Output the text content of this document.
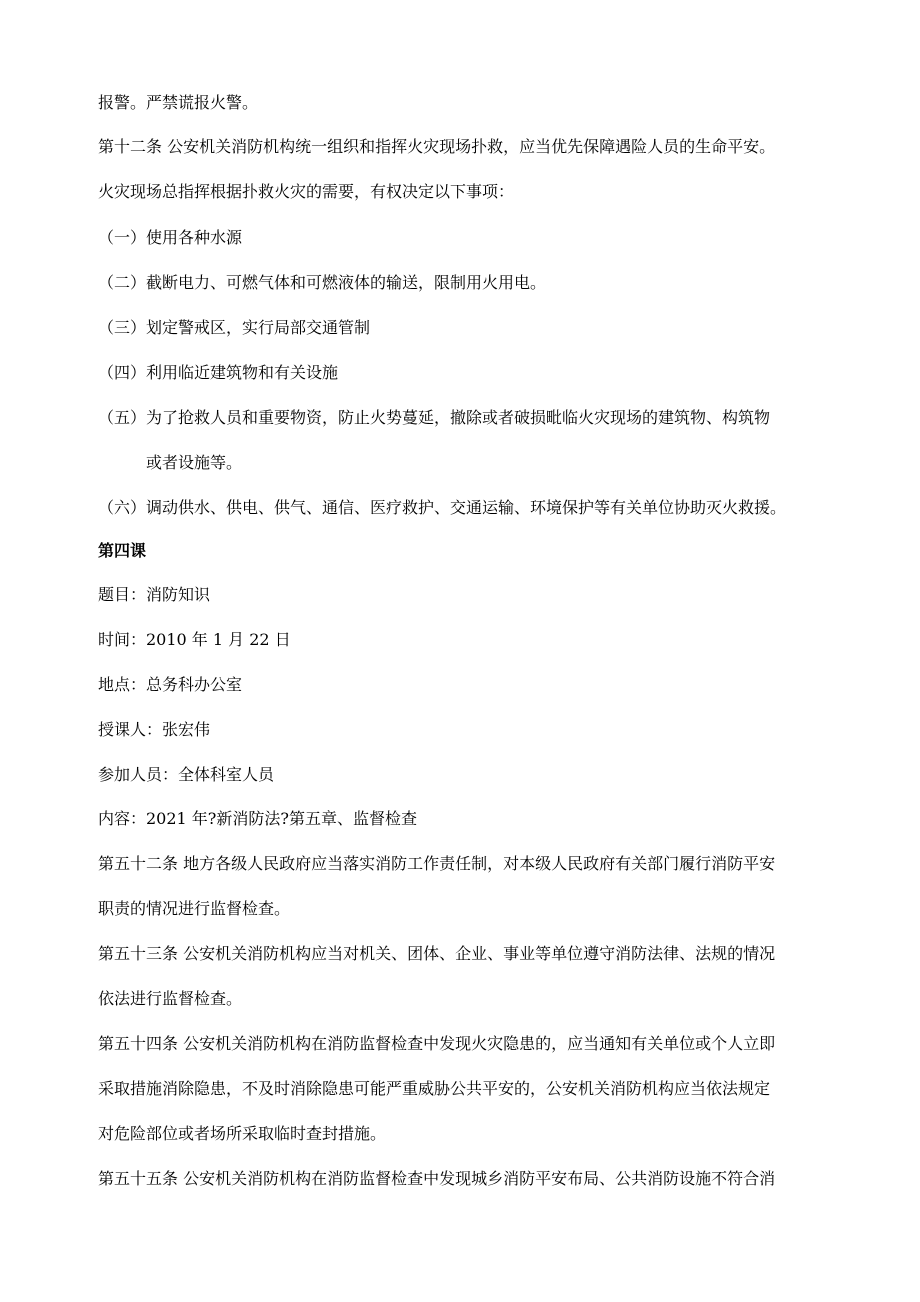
报警。严禁谎报火警。
第十二条 公安机关消防机构统一组织和指挥火灾现场扑救，应当优先保障遇险人员的生命平安。
火灾现场总指挥根据扑救火灾的需要，有权决定以下事项：
（一）使用各种水源
（二）截断电力、可燃气体和可燃液体的输送，限制用火用电。
（三）划定警戒区，实行局部交通管制
（四）利用临近建筑物和有关设施
（五）为了抢救人员和重要物资，防止火势蔓延，撤除或者破损毗临火灾现场的建筑物、构筑物
或者设施等。
（六）调动供水、供电、供气、通信、医疗救护、交通运输、环境保护等有关单位协助灭火救援。
第四课
题目：消防知识
时间：2010 年 1 月 22 日
地点：总务科办公室
授课人：张宏伟
参加人员：全体科室人员
内容：2021 年?新消防法?第五章、监督检查
第五十二条 地方各级人民政府应当落实消防工作责任制，对本级人民政府有关部门履行消防平安
职责的情况进行监督检查。
第五十三条 公安机关消防机构应当对机关、团体、企业、事业等单位遵守消防法律、法规的情况
依法进行监督检查。
第五十四条 公安机关消防机构在消防监督检查中发现火灾隐患的，应当通知有关单位或个人立即
采取措施消除隐患，不及时消除隐患可能严重威胁公共平安的，公安机关消防机构应当依法规定
对危险部位或者场所采取临时查封措施。
第五十五条 公安机关消防机构在消防监督检查中发现城乡消防平安布局、公共消防设施不符合消
